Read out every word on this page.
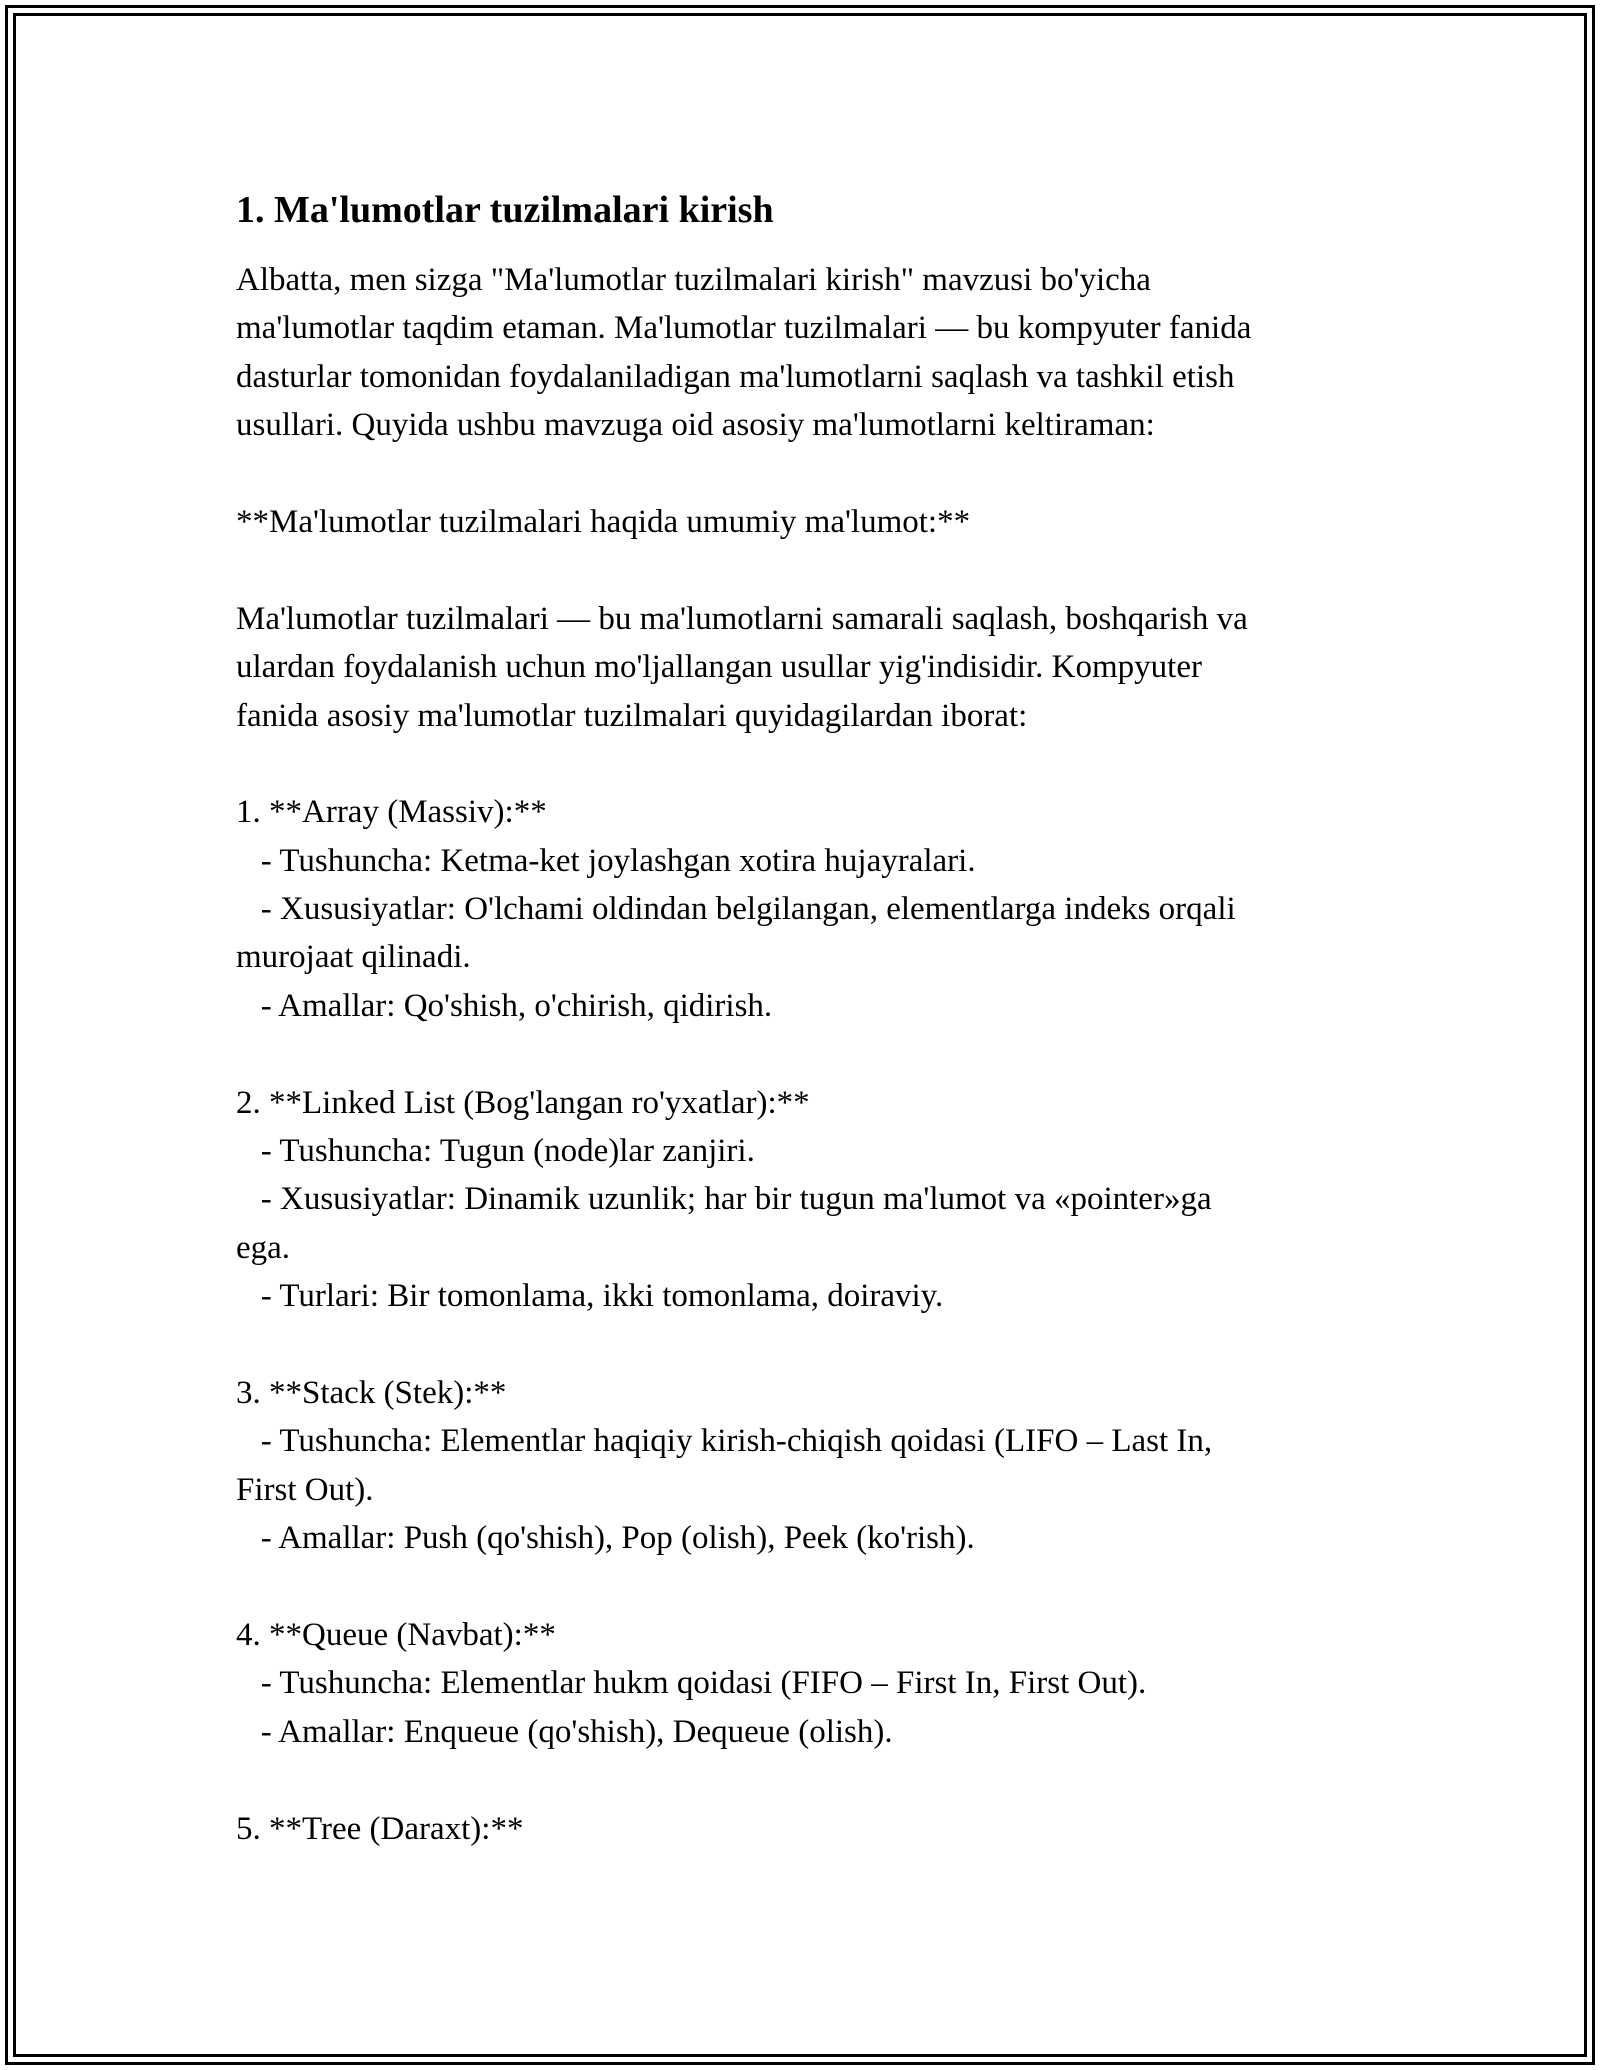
1. Ma'lumotlar tuzilmalari kirish
Albatta, men sizga "Ma'lumotlar tuzilmalari kirish" mavzusi bo'yicha
ma'lumotlar taqdim etaman. Ma'lumotlar tuzilmalari — bu kompyuter fanida
dasturlar tomonidan foydalaniladigan ma'lumotlarni saqlash va tashkil etish
usullari. Quyida ushbu mavzuga oid asosiy ma'lumotlarni keltiraman:
**Ma'lumotlar tuzilmalari haqida umumiy ma'lumot:**
Ma'lumotlar tuzilmalari — bu ma'lumotlarni samarali saqlash, boshqarish va
ulardan foydalanish uchun mo'ljallangan usullar yig'indisidir. Kompyuter
fanida asosiy ma'lumotlar tuzilmalari quyidagilardan iborat:
1. **Array (Massiv):**
- Tushuncha: Ketma-ket joylashgan xotira hujayralari.
- Xususiyatlar: O'lchami oldindan belgilangan, elementlarga indeks orqali
murojaat qilinadi.
- Amallar: Qo'shish, o'chirish, qidirish.
2. **Linked List (Bog'langan ro'yxatlar):**
- Tushuncha: Tugun (node)lar zanjiri.
- Xususiyatlar: Dinamik uzunlik; har bir tugun ma'lumot va «pointer»ga
ega.
- Turlari: Bir tomonlama, ikki tomonlama, doiraviy.
3. **Stack (Stek):**
- Tushuncha: Elementlar haqiqiy kirish-chiqish qoidasi (LIFO – Last In,
First Out).
- Amallar: Push (qo'shish), Pop (olish), Peek (ko'rish).
4. **Queue (Navbat):**
- Tushuncha: Elementlar hukm qoidasi (FIFO – First In, First Out).
- Amallar: Enqueue (qo'shish), Dequeue (olish).
5. **Tree (Daraxt):**
